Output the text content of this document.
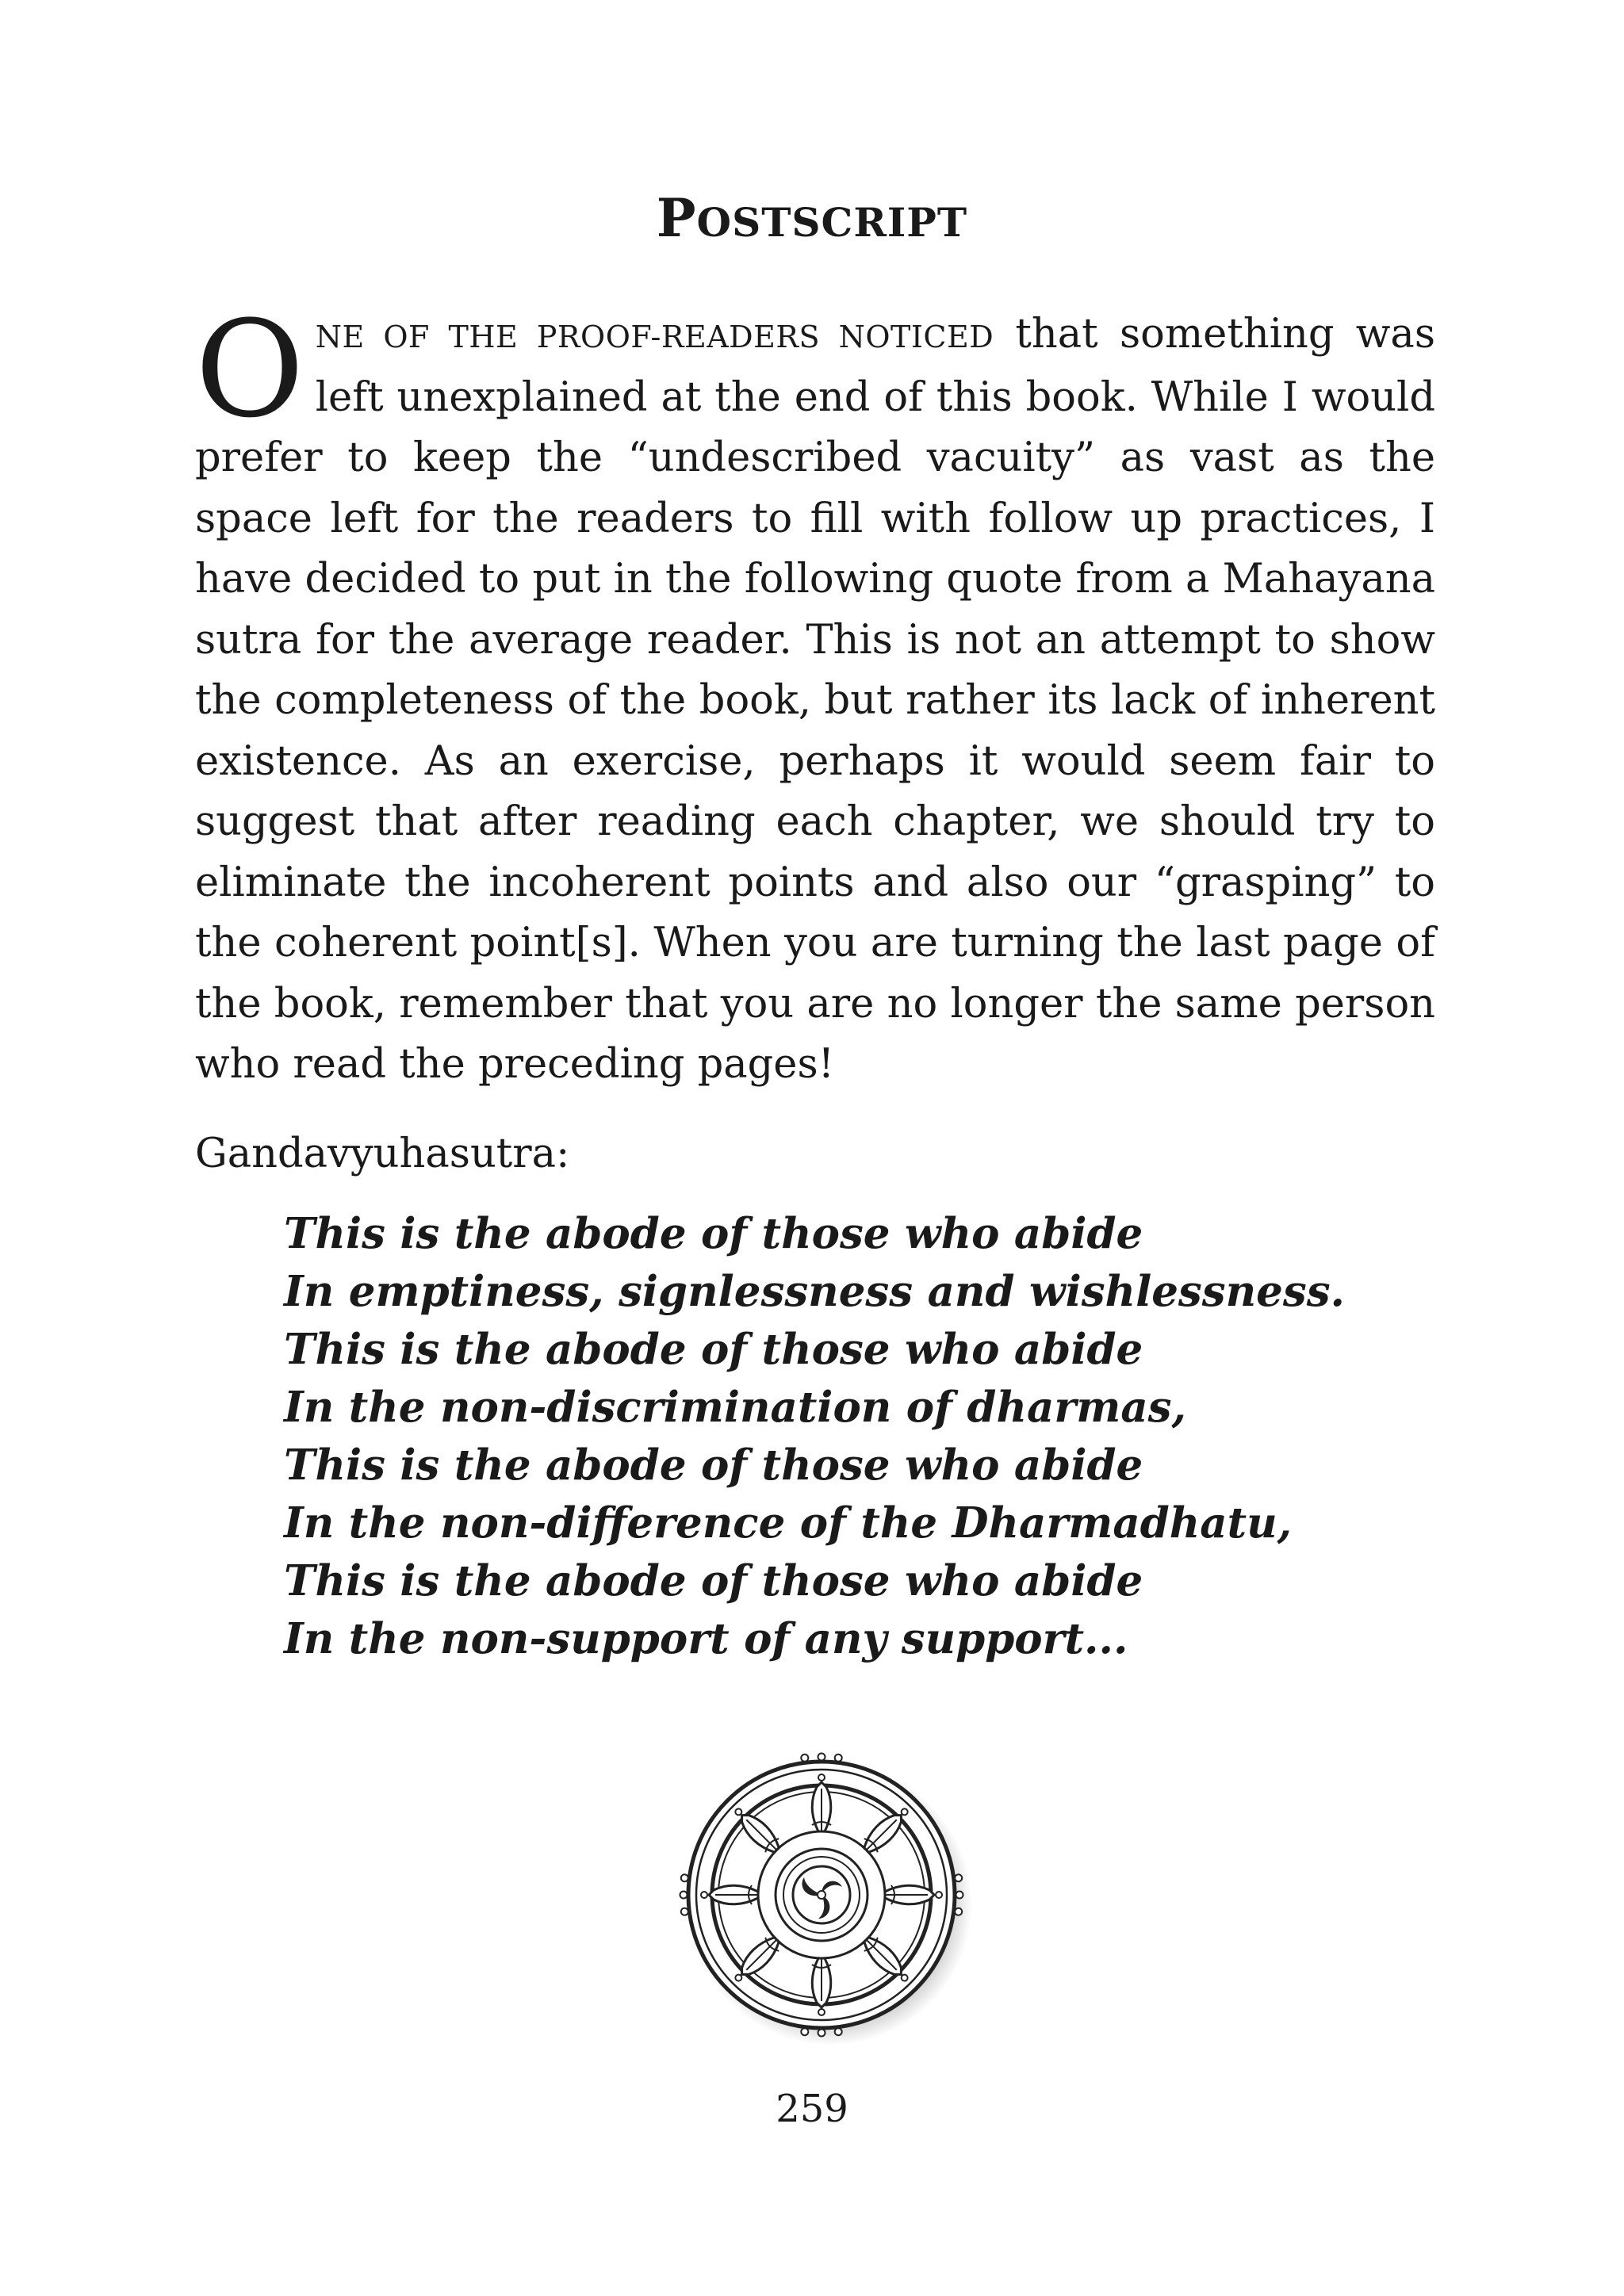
POSTSCRIPT

ONE OF THE PROOF-READERS NOTICED that something was left unexplained at the end of this book. While I would prefer to keep the “undescribed vacuity” as vast as the space left for the readers to fill with follow up practices, I have decided to put in the following quote from a Mahayana sutra for the average reader. This is not an attempt to show the completeness of the book, but rather its lack of inherent existence. As an exercise, perhaps it would seem fair to suggest that after reading each chapter, we should try to eliminate the incoherent points and also our “grasping” to the coherent point[s]. When you are turning the last page of the book, remember that you are no longer the same person who read the preceding pages!

Gandavyuhasutra:

This is the abode of those who abide
In emptiness, signlessness and wishlessness.
This is the abode of those who abide
In the non-discrimination of dharmas,
This is the abode of those who abide
In the non-difference of the Dharmadhatu,
This is the abode of those who abide
In the non-support of any support...

259
